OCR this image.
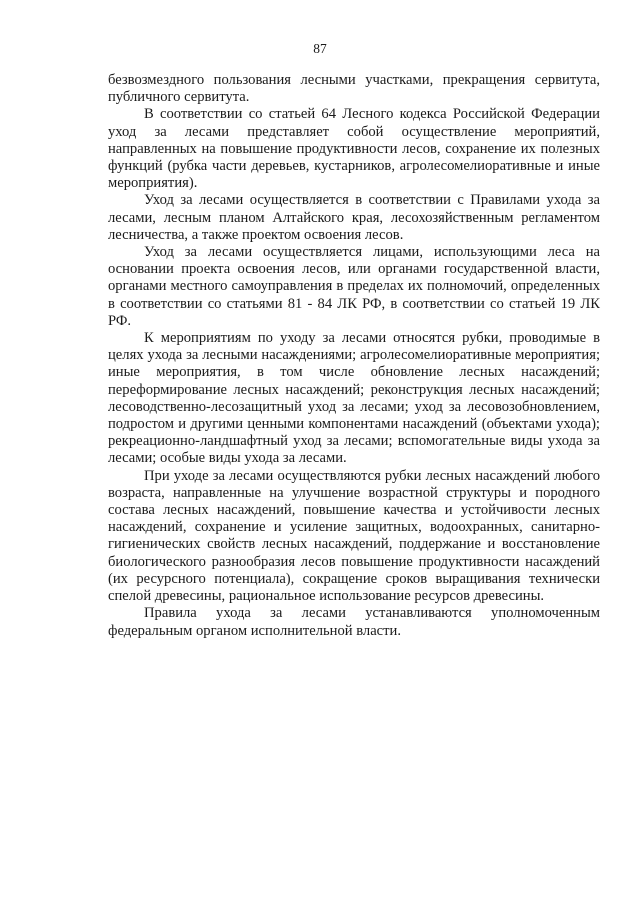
87

безвозмездного пользования лесными участками, прекращения сервитута, публичного сервитута.

В соответствии со статьей 64 Лесного кодекса Российской Федерации уход за лесами представляет собой осуществление мероприятий, направленных на повышение продуктивности лесов, сохранение их полезных функций (рубка части деревьев, кустарников, агролесомелиоративные и иные мероприятия).

Уход за лесами осуществляется в соответствии с Правилами ухода за лесами, лесным планом Алтайского края, лесохозяйственным регламентом лесничества, а также проектом освоения лесов.

Уход за лесами осуществляется лицами, использующими леса на основании проекта освоения лесов, или органами государственной власти, органами местного самоуправления в пределах их полномочий, определенных в соответствии со статьями 81 - 84 ЛК РФ, в соответствии со статьей 19 ЛК РФ.

К мероприятиям по уходу за лесами относятся рубки, проводимые в целях ухода за лесными насаждениями; агролесомелиоративные мероприятия; иные мероприятия, в том числе обновление лесных насаждений; переформирование лесных насаждений; реконструкция лесных насаждений; лесоводственно-лесозащитный уход за лесами; уход за лесовозобновлением, подростом и другими ценными компонентами насаждений (объектами ухода); рекреационно-ландшафтный уход за лесами; вспомогательные виды ухода за лесами; особые виды ухода за лесами.

При уходе за лесами осуществляются рубки лесных насаждений любого возраста, направленные на улучшение возрастной структуры и породного состава лесных насаждений, повышение качества и устойчивости лесных насаждений, сохранение и усиление защитных, водоохранных, санитарно-гигиенических свойств лесных насаждений, поддержание и восстановление биологического разнообразия лесов повышение продуктивности насаждений (их ресурсного потенциала), сокращение сроков выращивания технически спелой древесины, рациональное использование ресурсов древесины.

Правила ухода за лесами устанавливаются уполномоченным федеральным органом исполнительной власти.
